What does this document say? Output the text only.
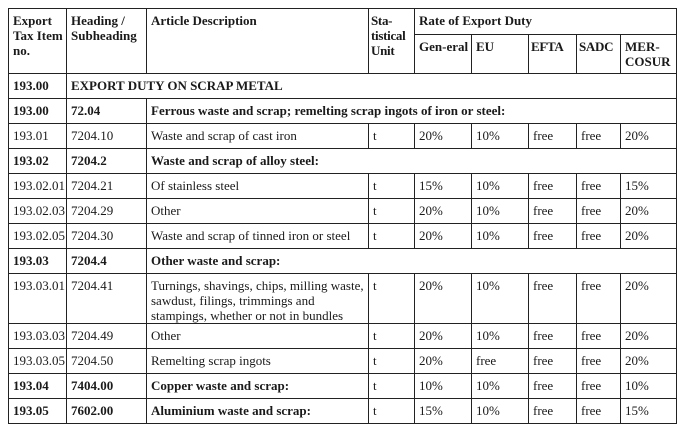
Export Tax Item no.	Heading / Subheading	Article Description	Sta-tistical Unit	Rate of Export Duty				
				Gen-eral	EU	EFTA	SADC	MER-COSUR
193.00	EXPORT DUTY ON SCRAP METAL							
193.00	72.04	Ferrous waste and scrap; remelting scrap ingots of iron or steel:						
193.01	7204.10	Waste and scrap of cast iron	t	20%	10%	free	free	20%
193.02	7204.2	Waste and scrap of alloy steel:						
193.02.01	7204.21	Of stainless steel	t	15%	10%	free	free	15%
193.02.03	7204.29	Other	t	20%	10%	free	free	20%
193.02.05	7204.30	Waste and scrap of tinned iron or steel	t	20%	10%	free	free	20%
193.03	7204.4	Other waste and scrap:						
193.03.01	7204.41	Turnings, shavings, chips, milling waste, sawdust, filings, trimmings and stampings, whether or not in bundles	t	20%	10%	free	free	20%
193.03.03	7204.49	Other	t	20%	10%	free	free	20%
193.03.05	7204.50	Remelting scrap ingots	t	20%	free	free	free	20%
193.04	7404.00	Copper waste and scrap:	t	10%	10%	free	free	10%
193.05	7602.00	Aluminium waste and scrap:	t	15%	10%	free	free	15%
